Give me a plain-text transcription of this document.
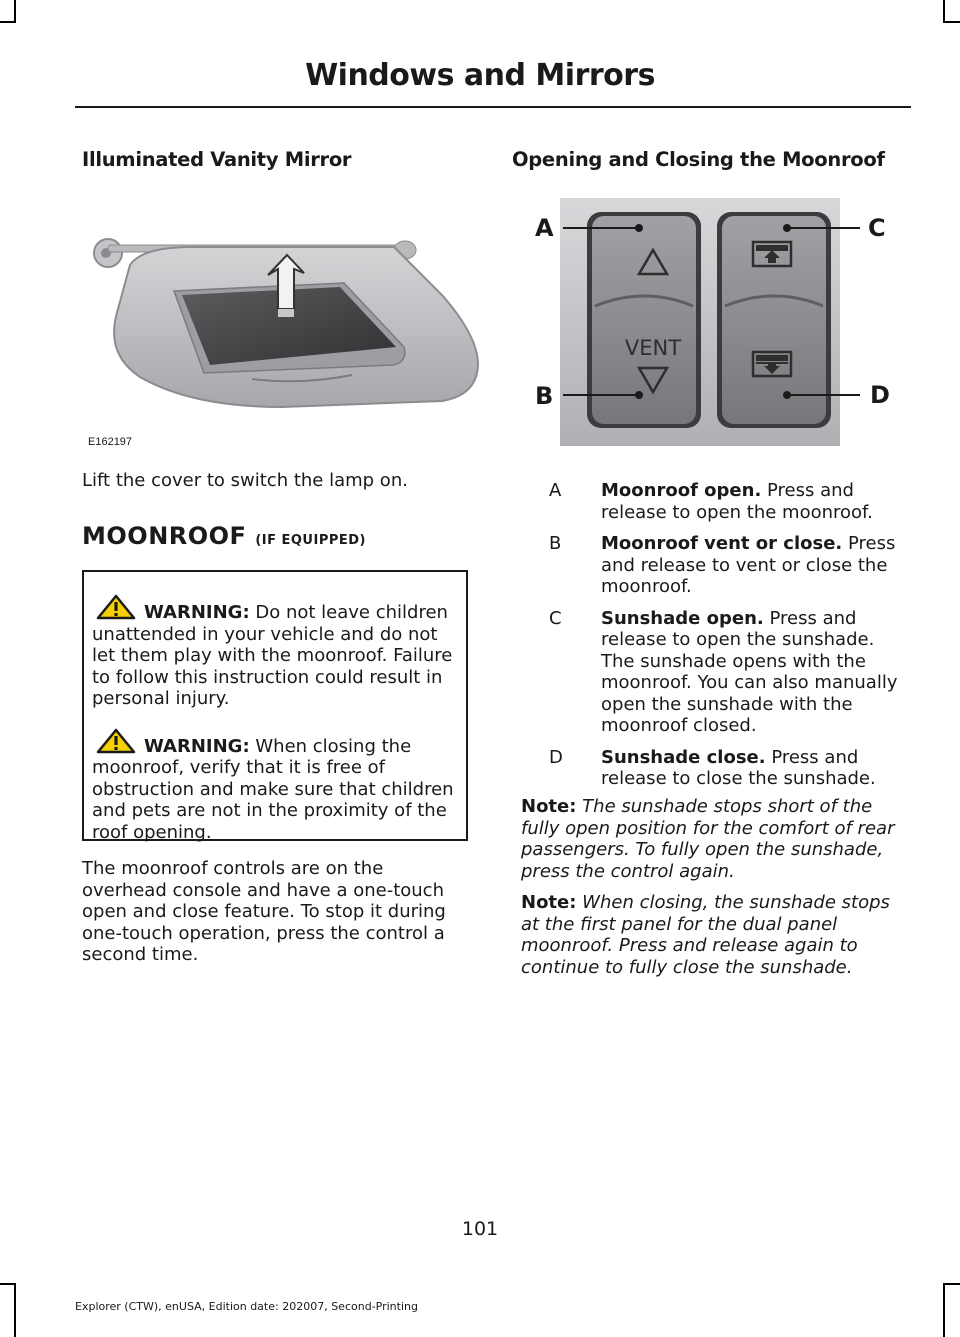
Windows and Mirrors
Illuminated Vanity Mirror
E162197
Lift the cover to switch the lamp on.
MOONROOF (IF EQUIPPED)
WARNING: Do not leave children unattended in your vehicle and do not let them play with the moonroof. Failure to follow this instruction could result in personal injury.
WARNING: When closing the moonroof, verify that it is free of obstruction and make sure that children and pets are not in the proximity of the roof opening.
The moonroof controls are on the overhead console and have a one-touch open and close feature. To stop it during one-touch operation, press the control a second time.
Opening and Closing the Moonroof
VENT
A
B
C
D
A	Moonroof open. Press and release to open the moonroof.
B	Moonroof vent or close. Press and release to vent or close the moonroof.
C	Sunshade open. Press and release to open the sunshade. The sunshade opens with the moonroof. You can also manually open the sunshade with the moonroof closed.
D	Sunshade close. Press and release to close the sunshade.
Note: The sunshade stops short of the fully open position for the comfort of rear passengers. To fully open the sunshade, press the control again.
Note: When closing, the sunshade stops at the first panel for the dual panel moonroof. Press and release again to continue to fully close the sunshade.
101
Explorer (CTW), enUSA, Edition date: 202007, Second-Printing
